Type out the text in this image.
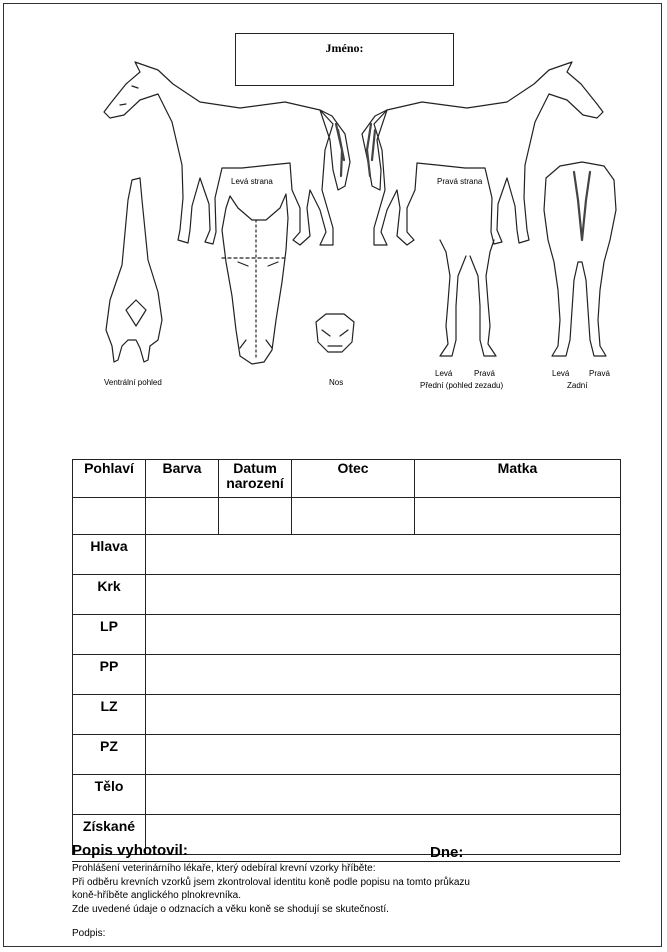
Jméno:
Levá strana	Pravá strana
Ventrální pohled	Nos
Levá	Pravá
Přední (pohled zezadu)
Levá Pravá
Zadní
Pohlaví	Barva	Datum narození	Otec	Matka

Hlava				
Krk				
LP				
PP				
LZ				
PZ				
Tělo				
Získané				
Popis vyhotovil:	Dne:
Prohlášení veterinárního lékaře, který odebíral krevní vzorky hříběte:
Při odběru krevních vzorků jsem zkontroloval identitu koně podle popisu na tomto průkazu
koně-hříběte anglického plnokrevníka.
Zde uvedené údaje o odznacích a věku koně se shodují se skutečností.
Podpis:
